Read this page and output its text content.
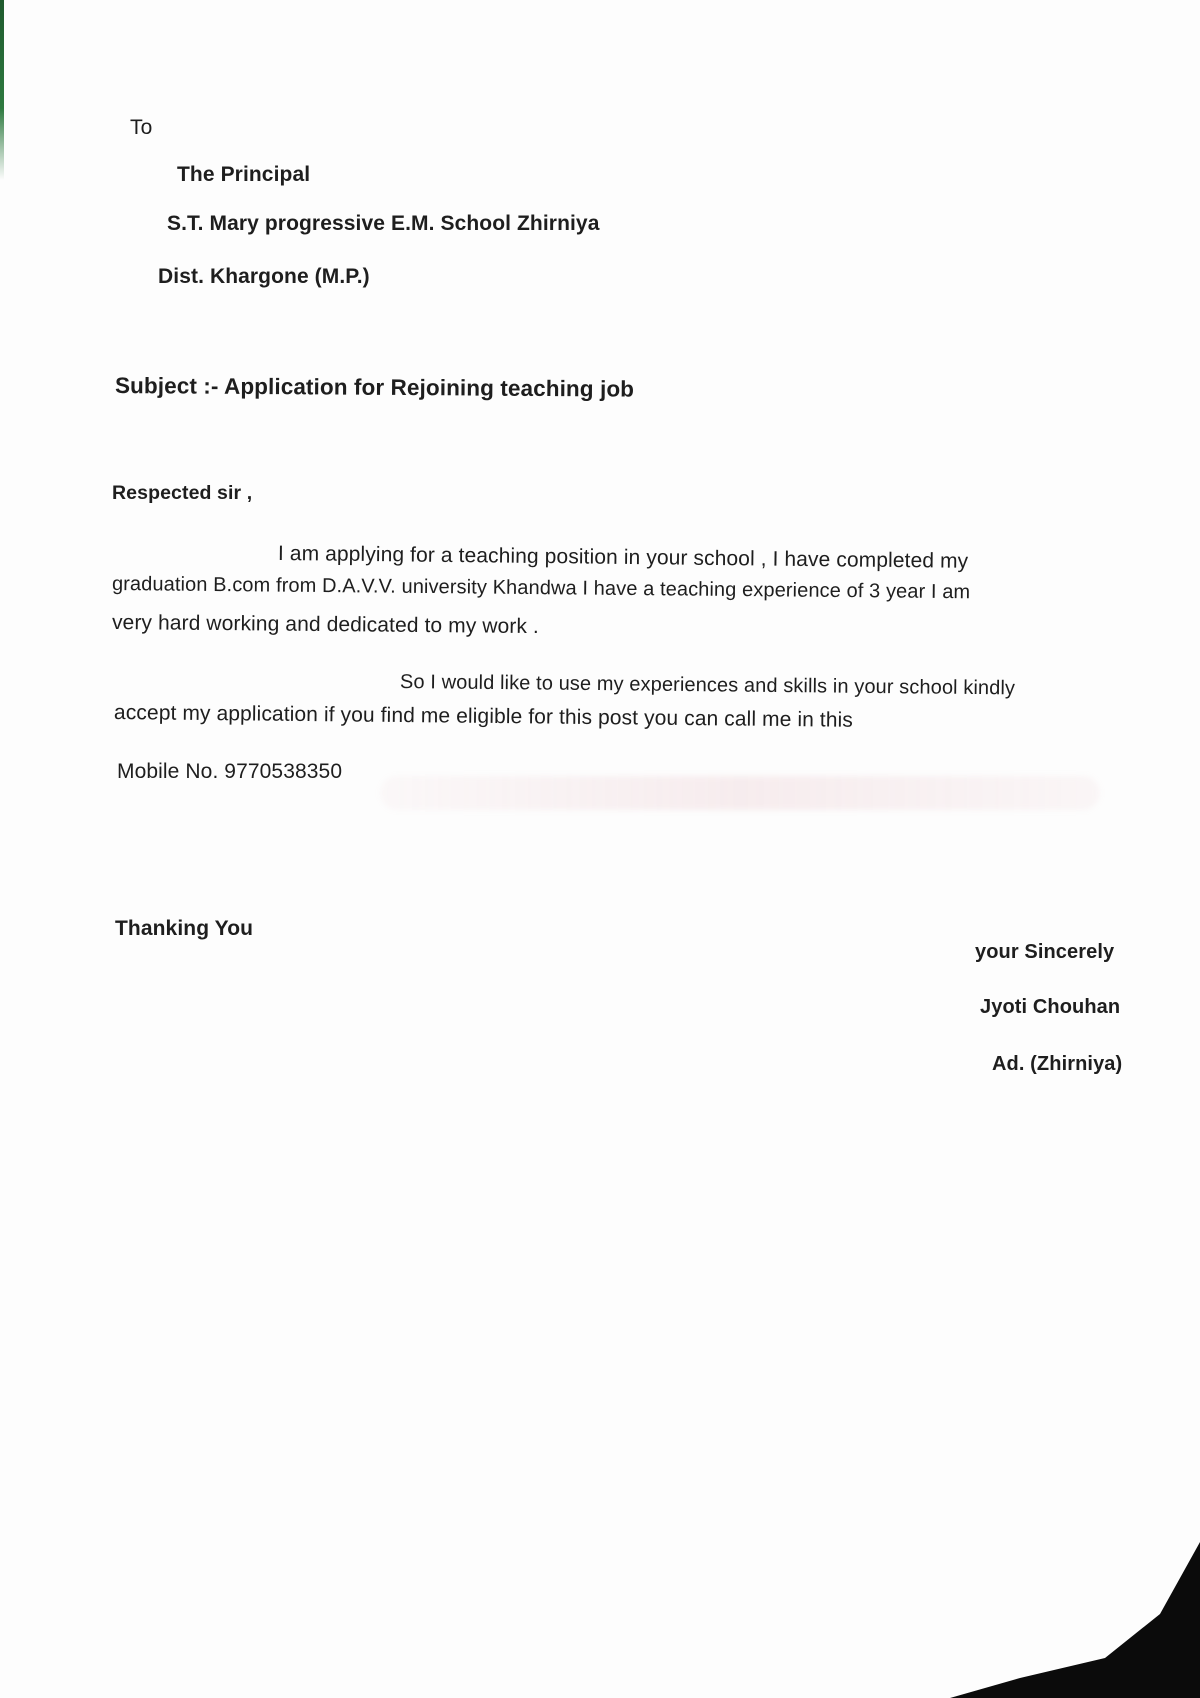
To
The Principal
S.T. Mary progressive E.M. School Zhirniya
Dist. Khargone (M.P.)
Subject :- Application for Rejoining teaching job
Respected sir ,
I am applying for a teaching position in your school , I have completed my
graduation B.com from D.A.V.V. university Khandwa I have a teaching experience of 3 year I am
very hard working and dedicated to my work .
So I would like to use my experiences and skills in your school kindly
accept my application if you find me eligible for this post you can call me in this
Mobile No. 9770538350
Thanking You
your Sincerely
Jyoti Chouhan
Ad. (Zhirniya)
